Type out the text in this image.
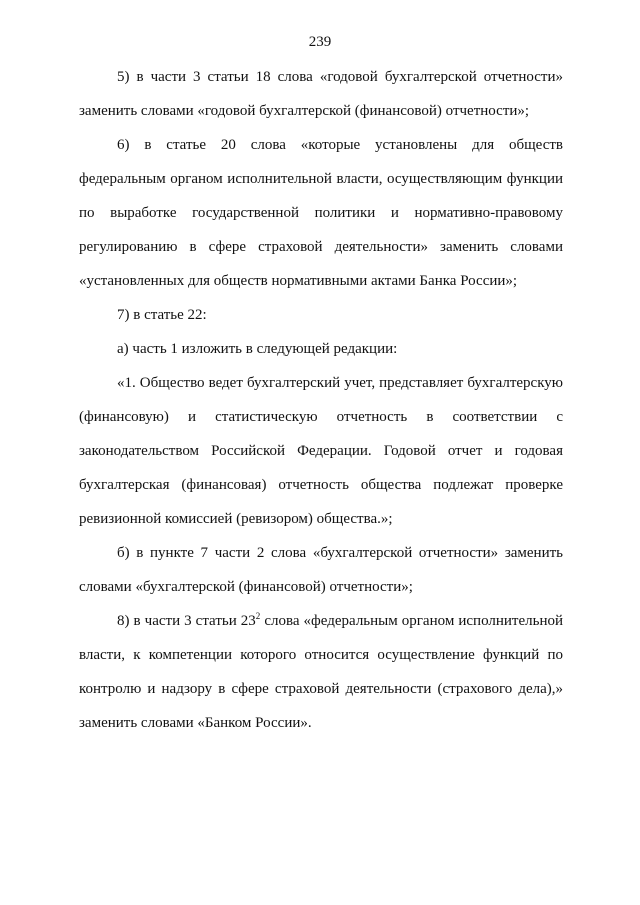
239

5) в части 3 статьи 18 слова «годовой бухгалтерской отчетности» заменить словами «годовой бухгалтерской (финансовой) отчетности»;

6) в статье 20 слова «которые установлены для обществ федеральным органом исполнительной власти, осуществляющим функции по выработке государственной политики и нормативно-правовому регулированию в сфере страховой деятельности» заменить словами «установленных для обществ нормативными актами Банка России»;

7) в статье 22:

а) часть 1 изложить в следующей редакции:

«1. Общество ведет бухгалтерский учет, представляет бухгалтерскую (финансовую) и статистическую отчетность в соответствии с законодательством Российской Федерации. Годовой отчет и годовая бухгалтерская (финансовая) отчетность общества подлежат проверке ревизионной комиссией (ревизором) общества.»;

б) в пункте 7 части 2 слова «бухгалтерской отчетности» заменить словами «бухгалтерской (финансовой) отчетности»;

8) в части 3 статьи $23^2$ слова «федеральным органом исполнительной власти, к компетенции которого относится осуществление функций по контролю и надзору в сфере страховой деятельности (страхового дела),» заменить словами «Банком России».
